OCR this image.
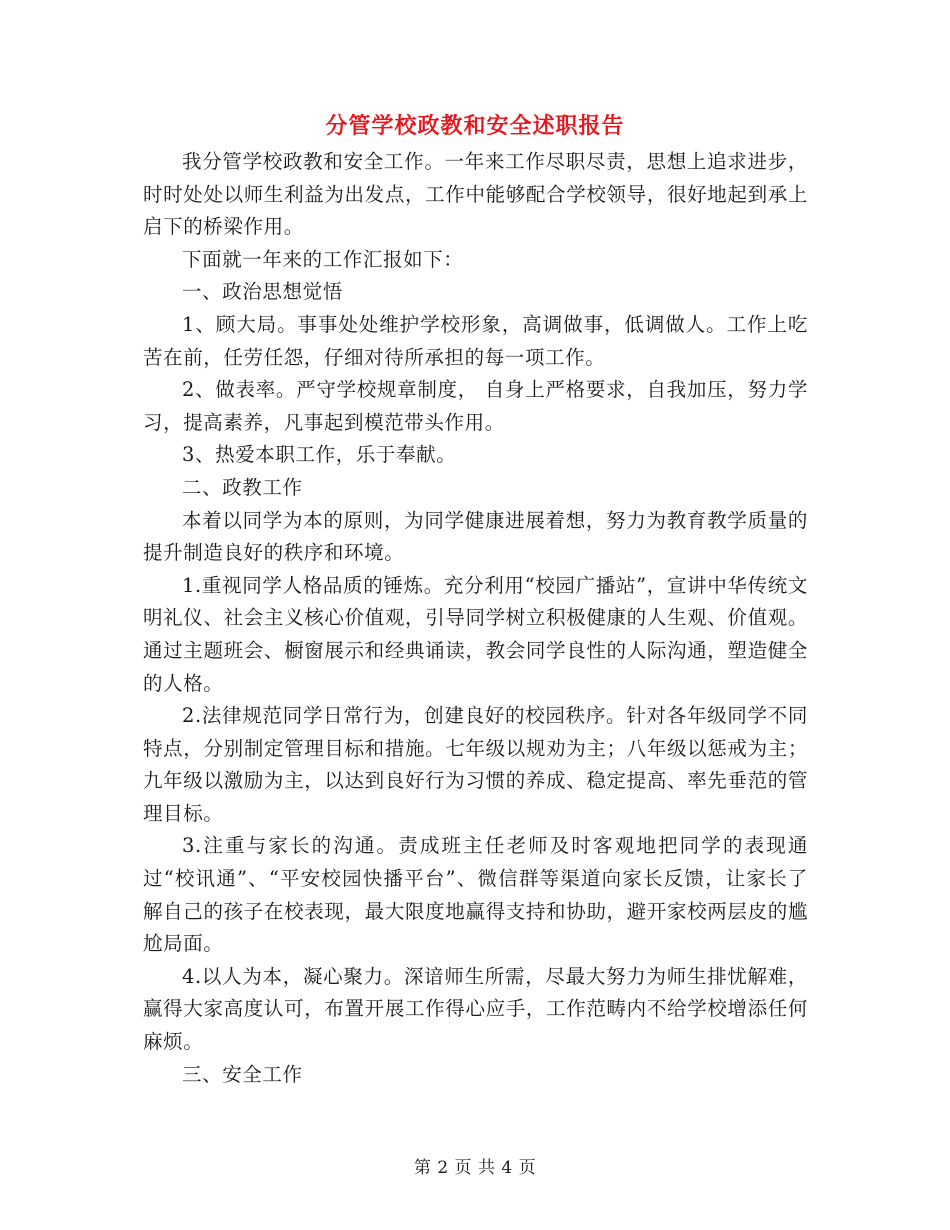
分管学校政教和安全述职报告

我分管学校政教和安全工作。一年来工作尽职尽责，思想上追求进步，时时处处以师生利益为出发点，工作中能够配合学校领导，很好地起到承上启下的桥梁作用。

下面就一年来的工作汇报如下：

一、政治思想觉悟

1、顾大局。事事处处维护学校形象，高调做事，低调做人。工作上吃苦在前，任劳任怨，仔细对待所承担的每一项工作。

2、做表率。严守学校规章制度， 自身上严格要求，自我加压，努力学习，提高素养，凡事起到模范带头作用。

3、热爱本职工作，乐于奉献。

二、政教工作

本着以同学为本的原则，为同学健康进展着想，努力为教育教学质量的提升制造良好的秩序和环境。

1.重视同学人格品质的锤炼。充分利用“校园广播站”，宣讲中华传统文明礼仪、社会主义核心价值观，引导同学树立积极健康的人生观、价值观。通过主题班会、橱窗展示和经典诵读，教会同学良性的人际沟通，塑造健全的人格。

2.法律规范同学日常行为，创建良好的校园秩序。针对各年级同学不同特点，分别制定管理目标和措施。七年级以规劝为主；八年级以惩戒为主；九年级以激励为主，以达到良好行为习惯的养成、稳定提高、率先垂范的管理目标。

3.注重与家长的沟通。责成班主任老师及时客观地把同学的表现通过“校讯通”、“平安校园快播平台”、微信群等渠道向家长反馈，让家长了解自己的孩子在校表现，最大限度地赢得支持和协助，避开家校两层皮的尴尬局面。

4.以人为本，凝心聚力。深谙师生所需，尽最大努力为师生排忧解难，赢得大家高度认可，布置开展工作得心应手，工作范畴内不给学校增添任何麻烦。

三、安全工作

第 2 页 共 4 页
